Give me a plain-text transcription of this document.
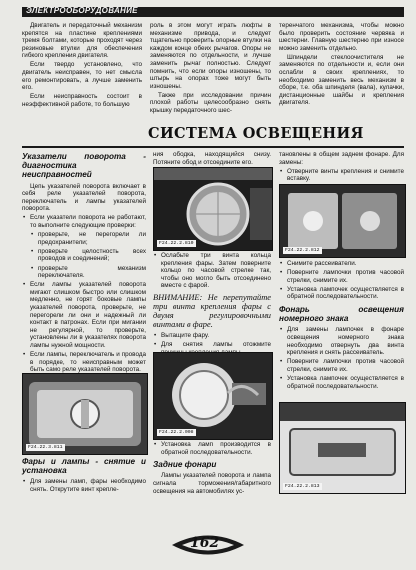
ЭЛЕКТРООБОРУДОВАНИЕ

Двигатель и передаточный механизм крепятся на пластине креплениями тремя болтами, которые проходят через резиновые втулки для обеспечения гибкого крепления двигателя.

Если твердо установлено, что двигатель неисправен, то нет смысла его ремонтировать, а лучше заменить его.

Если неисправность состоит в неэффективной работе, то большую

роль в этом могут играть люфты в механизме привода, и следует тщательно проверить опорные втулки на каждом конце обеих рычагов. Опоры не заменяются по отдельности, и лучше заменить рычаг полностью. Следует помнить, что если опоры изношены, то штырь на опорах тоже могут быть изношены.

Также при исследовании причин плохой работы целесообразно снять крышку передаточного шес-

теренчатого механизма, чтобы можно было проверить состояние червяка и шестерни. Главную шестерню при износе можно заменить отдельно.

Шпиндели стеклоочистителя не заменяются по отдельности и, если они ослабли в своих креплениях, то необходимо заменить весь механизм в сборе, т.е. оба шпинделя (вала), кулачки, дистанционные шайбы и крепления двигателя.

СИСТЕМА ОСВЕЩЕНИЯ
Указатели поворота - диагностика неисправностей

Цепь указателей поворота включает в себя реле указателей поворота, переключатель и лампы указателей поворота.

• Если указатели поворота не работают, то выполните следующие проверки:

• проверьте, не перегорели ли предохранители;

• проверьте целостность всех проводов и соединений;

• проверьте механизм переключателя.

• Если лампы указателей поворота мигают слишком быстро или слишком медленно, не горят боковые лампы указателей поворота, проверьте, не перегорели ли они и надежный ли контакт в патронах. Если при мигании не регулярной, то проверьте, установлены ли в указателях поворота лампы нужной мощности.

• Если лампы, переключатель и провода в порядке, то неисправным может быть само реле указателей поворота.

•

F24.22.3.811
Фары и лампы - снятие и установка

• Для замены ламп, фары необходимо снять. Открутите винт крепле-

ния ободка, находящийся снизу. Потяните обод и отсоедините его.

F24.22.2.810

• Ослабьте три винта кольца крепления фары. Затем поверните кольцо по часовой стрелке так, чтобы оно могло быть отсоединено вместе с фарой.

ВНИМАНИЕ: Не перепутайте три винта крепления фары с двумя регулировочными винтами в фаре.

• Вытащите фару.

• Для снятия лампы отожмите

•

F24.22.2.008

• Установка ламп производится в обратной последовательности.

Задние фонари

Лампы указателей поворота и лампа сигнала торможения/габаритного освещения на автомобилях ус-

тановлены в общем заднем фонаре. Для замены:

• Отверните винты крепления и снимите вставку.

F24.22.2.812

• Снимите рассеиватели.

• Поверните лампочки против часовой стрелки, снимите их.

• Установка лампочек осуществляется в обратной последовательности.

Фонарь освещения номерного знака

• Для замены лампочек в фонаре освещения номерного знака необходимо отвернуть два винта крепления и снять рассеиватель.

• Поверните лампочки против часовой стрелки, снимите их.

• Установка лампочек осуществляется в обратной последовательности.

F24.22.2.813
162
